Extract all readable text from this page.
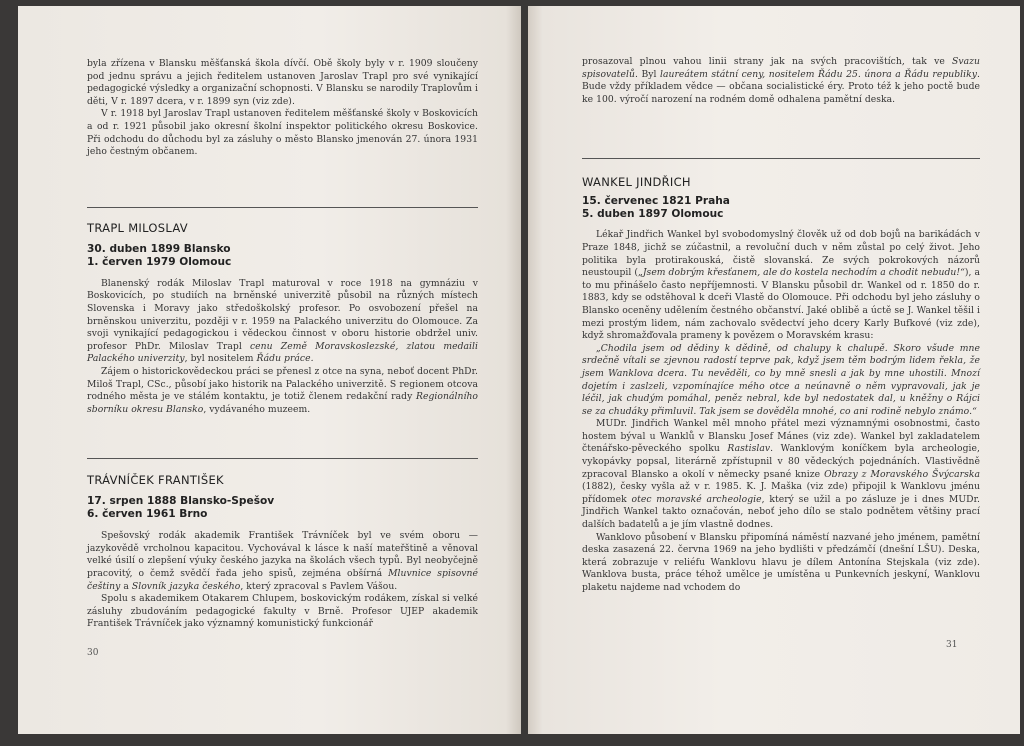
byla zřízena v Blansku měšťanská škola dívčí. Obě školy byly v r. 1909 sloučeny pod jednu správu a jejich ředitelem ustanoven Jaroslav Trapl pro své vynikající pedagogické výsledky a organizační schopnosti. V Blansku se narodily Traplovům i děti, V r. 1897 dcera, v r. 1899 syn (viz zde).

V r. 1918 byl Jaroslav Trapl ustanoven ředitelem měšťanské školy v Boskovicích a od r. 1921 působil jako okresní školní inspektor politického okresu Boskovice. Při odchodu do důchodu byl za zásluhy o město Blansko jmenován 27. února 1931 jeho čestným občanem.

TRAPL MILOSLAV

30. duben 1899 Blansko

1. červen 1979 Olomouc

Blanenský rodák Miloslav Trapl maturoval v roce 1918 na gymnáziu v Boskovicích, po studiích na brněnské univerzitě působil na různých místech Slovenska i Moravy jako středoškolský profesor. Po osvobození přešel na brněnskou univerzitu, později v r. 1959 na Palackého univerzitu do Olomouce. Za svoji vynikající pedagogickou i vědeckou činnost v oboru historie obdržel univ. profesor PhDr. Miloslav Trapl cenu Země Moravskoslezské, zlatou medaili Palackého univerzity, byl nositelem Řádu práce.

Zájem o historickovědeckou práci se přenesl z otce na syna, neboť docent PhDr. Miloš Trapl, CSc., působí jako historik na Palackého univerzitě. S regionem otcova rodného města je ve stálém kontaktu, je totiž členem redakční rady Regionálního sborníku okresu Blansko, vydávaného muzeem.

TRÁVNÍČEK FRANTIŠEK

17. srpen 1888 Blansko-Spešov

6. červen 1961 Brno

Spešovský rodák akademik František Trávníček byl ve svém oboru — jazykovědě vrcholnou kapacitou. Vychovával k lásce k naší mateřštině a věnoval velké úsilí o zlepšení výuky českého jazyka na školách všech typů. Byl neobyčejně pracovitý, o čemž svědčí řada jeho spisů, zejména obšírná Mluvnice spisovné češtiny a Slovník jazyka českého, který zpracoval s Pavlem Vášou.

Spolu s akademikem Otakarem Chlupem, boskovickým rodákem, získal si velké zásluhy zbudováním pedagogické fakulty v Brně. Profesor UJEP akademik František Trávníček jako významný komunistický funkcionář

30

prosazoval plnou vahou linii strany jak na svých pracovištích, tak ve Svazu spisovatelů. Byl laureátem státní ceny, nositelem Řádu 25. února a Řádu republiky. Bude vždy příkladem vědce — občana socialistické éry. Proto též k jeho poctě bude ke 100. výročí narození na rodném domě odhalena pamětní deska.

WANKEL JINDŘICH

15. červenec 1821 Praha

5. duben 1897 Olomouc

Lékař Jindřich Wankel byl svobodomyslný člověk už od dob bojů na barikádách v Praze 1848, jichž se zúčastnil, a revoluční duch v něm zůstal po celý život. Jeho politika byla protirakouská, čistě slovanská. Ze svých pokrokových názorů neustoupil („Jsem dobrým křesťanem, ale do kostela nechodím a chodit nebudu!“), a to mu přinášelo často nepříjemnosti. V Blansku působil dr. Wankel od r. 1850 do r. 1883, kdy se odstěhoval k dceři Vlastě do Olomouce. Při odchodu byl jeho zásluhy o Blansko oceněny udělením čestného občanství. Jaké oblibě a úctě se J. Wankel těšil i mezi prostým lidem, nám zachovalo svědectví jeho dcery Karly Bufkové (viz zde), když shromažďovala prameny k povězem o Moravském krasu:

„Chodila jsem od dědiny k dědině, od chalupy k chalupě. Skoro všude mne srdečně vítali se zjevnou radostí teprve pak, když jsem těm bodrým lidem řekla, že jsem Wanklova dcera. Tu nevěděli, co by mně snesli a jak by mne uhostili. Mnozí dojetím i zaslzeli, vzpomínajíce mého otce a neúnavně o něm vypravovali, jak je léčil, jak chudým pomáhal, peněz nebral, kde byl nedostatek dal, u kněžny o Rájci se za chudáky přimluvil. Tak jsem se dověděla mnohé, co ani rodině nebylo známo.“

MUDr. Jindřich Wankel měl mnoho přátel mezi významnými osobnostmi, často hostem býval u Wanklů v Blansku Josef Mánes (viz zde). Wankel byl zakladatelem čtenářsko-pěveckého spolku Rastislav. Wanklovým koníčkem byla archeologie, vykopávky popsal, literárně zpřístupnil v 80 vědeckých pojednáních. Vlastivědně zpracoval Blansko a okolí v německy psané knize Obrazy z Moravského Švýcarska (1882), česky vyšla až v r. 1985. K. J. Maška (viz zde) připojil k Wanklovu jménu přídomek otec moravské archeologie, který se užil a po zásluze je i dnes MUDr. Jindřich Wankel takto označován, neboť jeho dílo se stalo podnětem většiny prací dalších badatelů a je jím vlastně dodnes.

Wanklovo působení v Blansku připomíná náměstí nazvané jeho jménem, pamětní deska zasazená 22. června 1969 na jeho bydlišti v předzámčí (dnešní LŠU). Deska, která zobrazuje v reliéfu Wanklovu hlavu je dílem Antonína Stejskala (viz zde). Wanklova busta, práce téhož umělce je umístěna u Punkevních jeskyní, Wanklovu plaketu najdeme nad vchodem do

31
